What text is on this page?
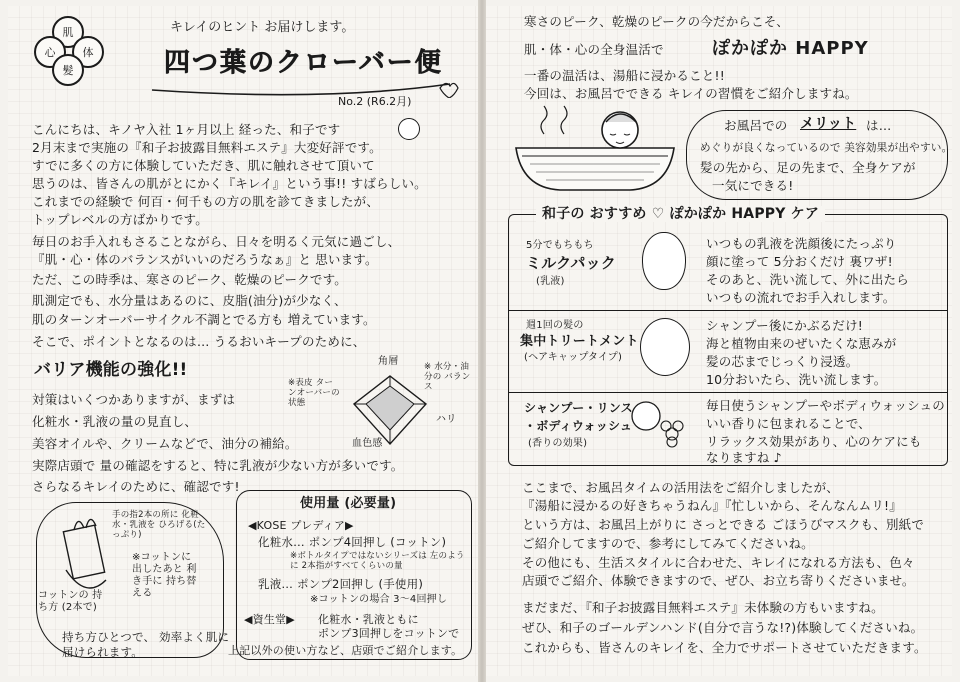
肌
体
心
髪
キレイのヒント お届けします。
四つ葉のクローバー便
No.2 (R6.2月)
こんにちは、キノヤ入社 1ヶ月以上 経った、和子です
2月末まで実施の『和子お披露目無料エステ』大変好評です。
すでに多くの方に体験していただき、肌に触れさせて頂いて
思うのは、皆さんの肌がとにかく『キレイ』という事!! すばらしい。
これまでの経験で 何百・何千もの方の肌を診てきましたが、
トップレベルの方ばかりです。
毎日のお手入れもさることながら、日々を明るく元気に過ごし、
『肌・心・体のバランスがいいのだろうなぁ』と 思います。
ただ、この時季は、寒さのピーク、乾燥のピークです。
肌測定でも、水分量はあるのに、皮脂(油分)が少なく、
肌のターンオーバーサイクル不調とでる方も 増えています。
そこで、ポイントとなるのは… うるおいキープのために、
バリア機能の強化!!
対策はいくつかありますが、まずは
化粧水・乳液の量の見直し、
美容オイルや、クリームなどで、油分の補給。
実際店頭で 量の確認をすると、特に乳液が少ない方が多いです。
さらなるキレイのために、確認です!
角層	※ 水分・油分の バランス
※表皮 ターンオーバーの 状態
ハリ
血色感
手の指2本の所に 化粧水・乳液を ひろげる(たっぷり)
※コットンに 出したあと 利き手に 持ち替える
コットンの 持ち方 (2本で)
持ち方ひとつで、 効率よく肌に届けられます。
使用量 (必要量)
◀KOSE プレディア▶
化粧水… ポンプ4回押し (コットン)
※ボトルタイプではないシリーズは 左のように 2本指がすべてくらいの量
乳液… ポンプ2回押し (手使用)
※コットンの場合 3〜4回押し
◀資生堂▶ 化粧水・乳液ともに
ポンプ3回押しをコットンで
上記以外の使い方など、店頭でご紹介します。
寒さのピーク、乾燥のピークの今だからこそ、
肌・体・心の全身温活で	ぽかぽか HAPPY
一番の温活は、湯船に浸かること!!
今回は、お風呂でできる キレイの習慣をご紹介しますね。
お風呂での メリット は…
めぐりが良くなっているので 美容効果が出やすい。
髪の先から、足の先まで、全身ケアが
一気にできる!
和子の おすすめ ♡ ぽかぽか HAPPY ケア
5分でもちもち
ミルクパック
(乳液)
いつもの乳液を洗顔後にたっぷり
顔に塗って 5分おくだけ 裏ワザ!
そのあと、洗い流して、外に出たら
いつもの流れでお手入れします。
週1回の髪の
集中トリートメント
(ヘアキャップタイプ)
シャンプー後にかぶるだけ!
海と植物由来のぜいたくな恵みが
髪の芯までじっくり浸透。
10分おいたら、洗い流します。
シャンプー・リンス
・ボディウォッシュ
(香りの効果)
毎日使うシャンプーやボディウォッシュの
いい香りに包まれることで、
リラックス効果があり、心のケアにも
なりますね ♪
ここまで、お風呂タイムの活用法をご紹介しましたが、
『湯船に浸かるの好きちゃうねん』『忙しいから、そんなんムリ!』
という方は、お風呂上がりに さっとできる ごほうびマスクも、別紙で
ご紹介してますので、参考にしてみてくださいね。
その他にも、生活スタイルに合わせた、キレイになれる方法も、色々
店頭でご紹介、体験できますので、ぜひ、お立ち寄りくださいませ。
まだまだ、『和子お披露目無料エステ』未体験の方もいますね。
ぜひ、和子のゴールデンハンド(自分で言うな!?)体験してくださいね。
これからも、皆さんのキレイを、全力でサポートさせていただきます。
